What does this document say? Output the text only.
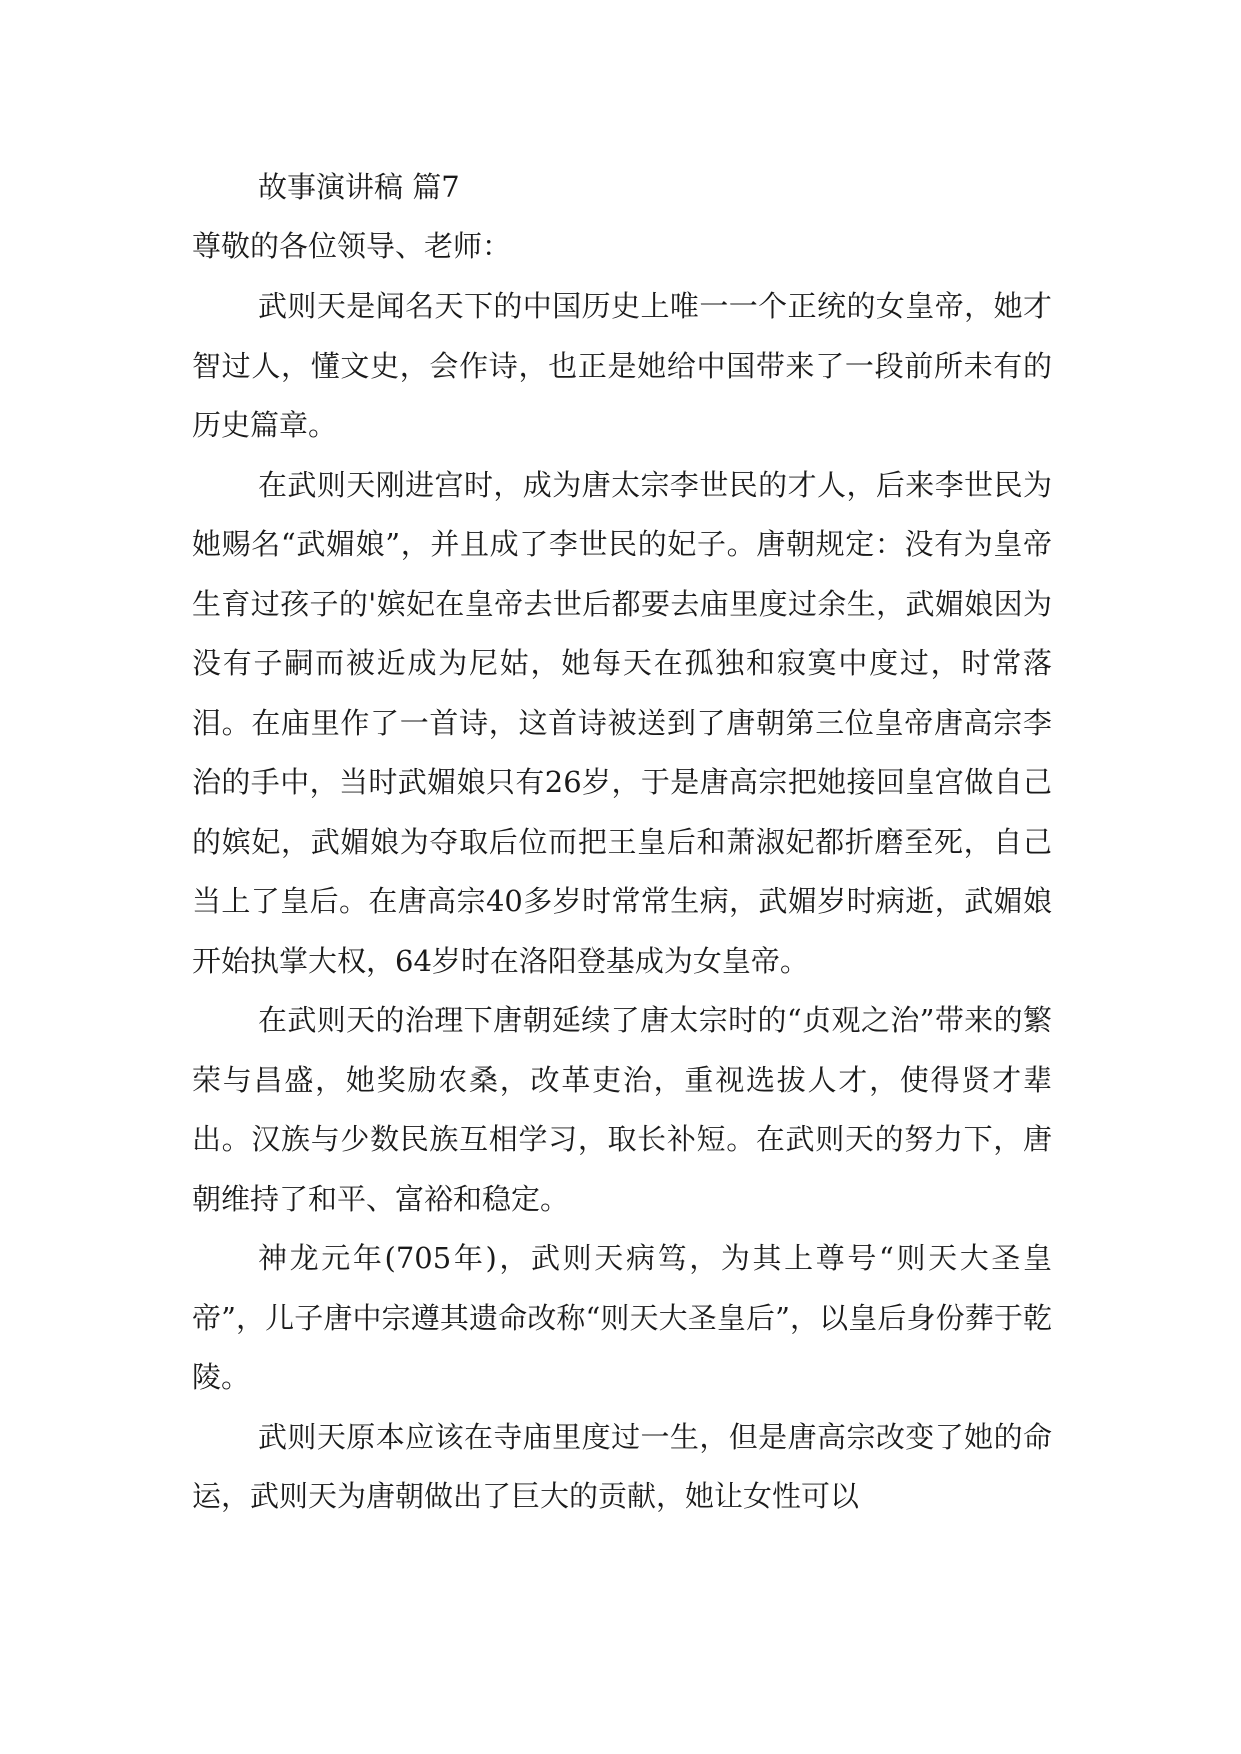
故事演讲稿 篇7
尊敬的各位领导、老师：

武则天是闻名天下的中国历史上唯一一个正统的女皇帝，她才智过人，懂文史，会作诗，也正是她给中国带来了一段前所未有的历史篇章。

在武则天刚进宫时，成为唐太宗李世民的才人，后来李世民为她赐名“武媚娘”，并且成了李世民的妃子。唐朝规定：没有为皇帝生育过孩子的'嫔妃在皇帝去世后都要去庙里度过余生，武媚娘因为没有子嗣而被近成为尼姑，她每天在孤独和寂寞中度过，时常落泪。在庙里作了一首诗，这首诗被送到了唐朝第三位皇帝唐高宗李治的手中，当时武媚娘只有26岁，于是唐高宗把她接回皇宫做自己的嫔妃，武媚娘为夺取后位而把王皇后和萧淑妃都折磨至死，自己当上了皇后。在唐高宗40多岁时常常生病，武媚岁时病逝，武媚娘开始执掌大权，64岁时在洛阳登基成为女皇帝。

在武则天的治理下唐朝延续了唐太宗时的“贞观之治”带来的繁荣与昌盛，她奖励农桑，改革吏治，重视选拔人才，使得贤才辈出。汉族与少数民族互相学习，取长补短。在武则天的努力下，唐朝维持了和平、富裕和稳定。

神龙元年(705年)，武则天病笃，为其上尊号“则天大圣皇帝”，儿子唐中宗遵其遗命改称“则天大圣皇后”，以皇后身份葬于乾陵。

武则天原本应该在寺庙里度过一生，但是唐高宗改变了她的命运，武则天为唐朝做出了巨大的贡献，她让女性可以
